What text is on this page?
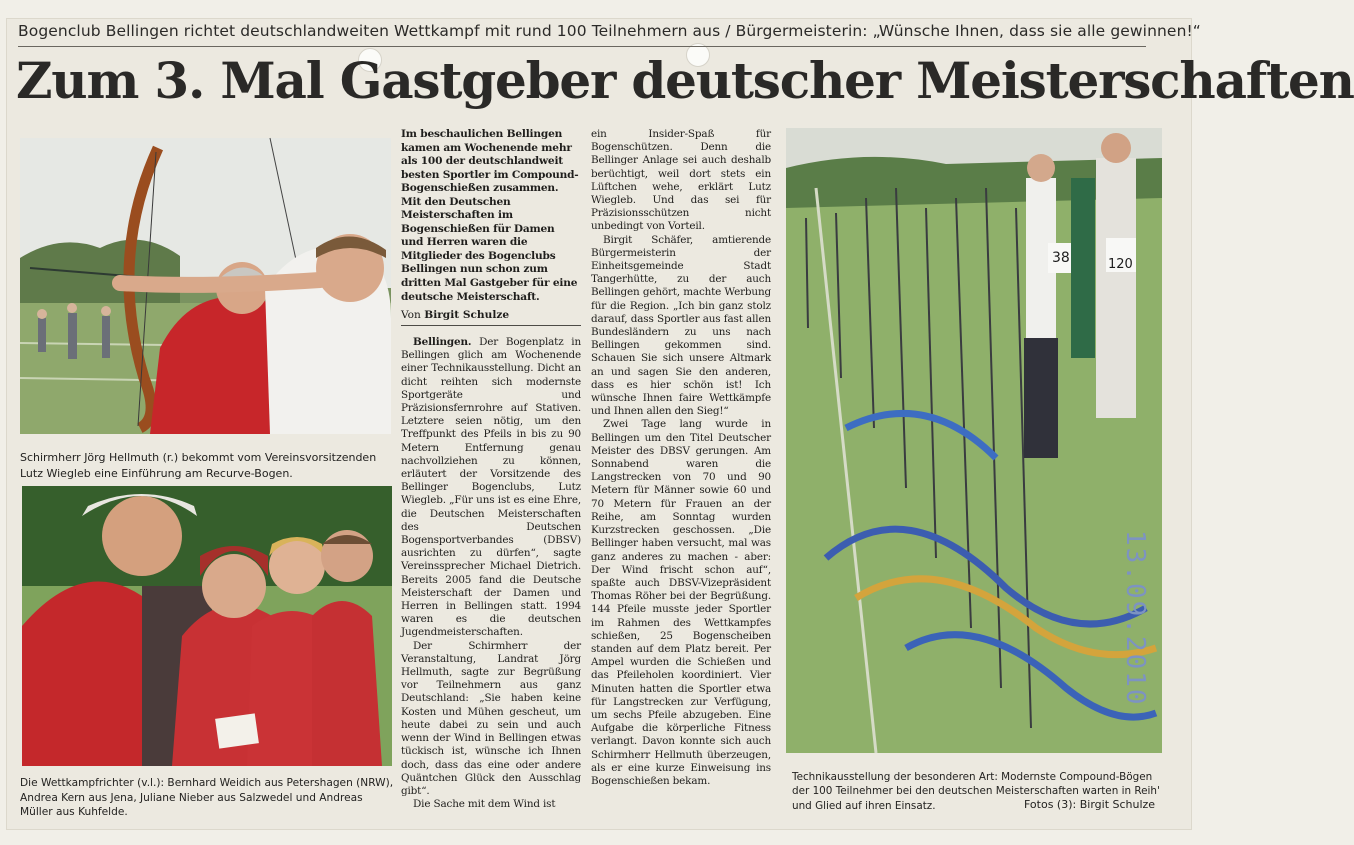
Bogenclub Bellingen richtet deutschlandweiten Wettkampf mit rund 100 Teilnehmern aus / Bürgermeisterin: „Wünsche Ihnen, dass sie alle gewinnen!“
Zum 3. Mal Gastgeber deutscher Meisterschaften
Schirmherr Jörg Hellmuth (r.) bekommt vom Vereinsvorsitzenden Lutz Wiegleb eine Einführung am Recurve-Bogen.
Die Wettkampfrichter (v.l.): Bernhard Weidich aus Petershagen (NRW), Andrea Kern aus Jena, Juliane Nieber aus Salzwedel und Andreas Müller aus Kuhfelde.
Im beschaulichen Bellingen kamen am Wochenende mehr als 100 der deutschlandweit besten Sportler im Compound-Bogenschießen zusammen. Mit den Deutschen Meisterschaften im Bogenschießen für Damen und Herren waren die Mitglieder des Bogenclubs Bellingen nun schon zum dritten Mal Gastgeber für eine deutsche Meisterschaft.
Von Birgit Schulze

Bellingen. Der Bogenplatz in Bellingen glich am Wochenende einer Technikausstellung. Dicht an dicht reihten sich modernste Sportgeräte und Präzisionsfernrohre auf Stativen. Letztere seien nötig, um den Treffpunkt des Pfeils in bis zu 90 Metern Entfernung genau nachvollziehen zu können, erläutert der Vorsitzende des Bellinger Bogenclubs, Lutz Wiegleb. „Für uns ist es eine Ehre, die Deutschen Meisterschaften des Deutschen Bogensportverbandes (DBSV) ausrichten zu dürfen“, sagte Vereinssprecher Michael Dietrich. Bereits 2005 fand die Deutsche Meisterschaft der Damen und Herren in Bellingen statt. 1994 waren es die deutschen Jugendmeisterschaften.

Der Schirmherr der Veranstaltung, Landrat Jörg Hellmuth, sagte zur Begrüßung vor Teilnehmern aus ganz Deutschland: „Sie haben keine Kosten und Mühen gescheut, um heute dabei zu sein und auch wenn der Wind in Bellingen etwas tückisch ist, wünsche ich Ihnen doch, dass das eine oder andere Quäntchen Glück den Ausschlag gibt“.

Die Sache mit dem Wind ist

ein Insider-Spaß für Bogenschützen. Denn die Bellinger Anlage sei auch deshalb berüchtigt, weil dort stets ein Lüftchen wehe, erklärt Lutz Wiegleb. Und das sei für Präzisionsschützen nicht unbedingt von Vorteil.

Birgit Schäfer, amtierende Bürgermeisterin der Einheitsgemeinde Stadt Tangerhütte, zu der auch Bellingen gehört, machte Werbung für die Region. „Ich bin ganz stolz darauf, dass Sportler aus fast allen Bundesländern zu uns nach Bellingen gekommen sind. Schauen Sie sich unsere Altmark an und sagen Sie den anderen, dass es hier schön ist! Ich wünsche Ihnen faire Wettkämpfe und Ihnen allen den Sieg!“

Zwei Tage lang wurde in Bellingen um den Titel Deutscher Meister des DBSV gerungen. Am Sonnabend waren die Langstrecken von 70 und 90 Metern für Männer sowie 60 und 70 Metern für Frauen an der Reihe, am Sonntag wurden Kurzstrecken geschossen. „Die Bellinger haben versucht, mal was ganz anderes zu machen - aber: Der Wind frischt schon auf“, spaßte auch DBSV-Vizepräsident Thomas Röher bei der Begrüßung. 144 Pfeile musste jeder Sportler im Rahmen des Wettkampfes schießen, 25 Bogenscheiben standen auf dem Platz bereit. Per Ampel wurden die Schießen und das Pfeileholen koordiniert. Vier Minuten hatten die Sportler etwa für Langstrecken zur Verfügung, um sechs Pfeile abzugeben. Eine Aufgabe die körperliche Fitness verlangt. Davon konnte sich auch Schirmherr Hellmuth überzeugen, als er eine kurze Einweisung ins Bogenschießen bekam.

38	120
Technikausstellung der besonderen Art: Modernste Compound-Bögen der 100 Teilnehmer bei den deutschen Meisterschaften warten in Reih' und Glied auf ihren Einsatz.	Fotos (3): Birgit Schulze
13.09.2010
